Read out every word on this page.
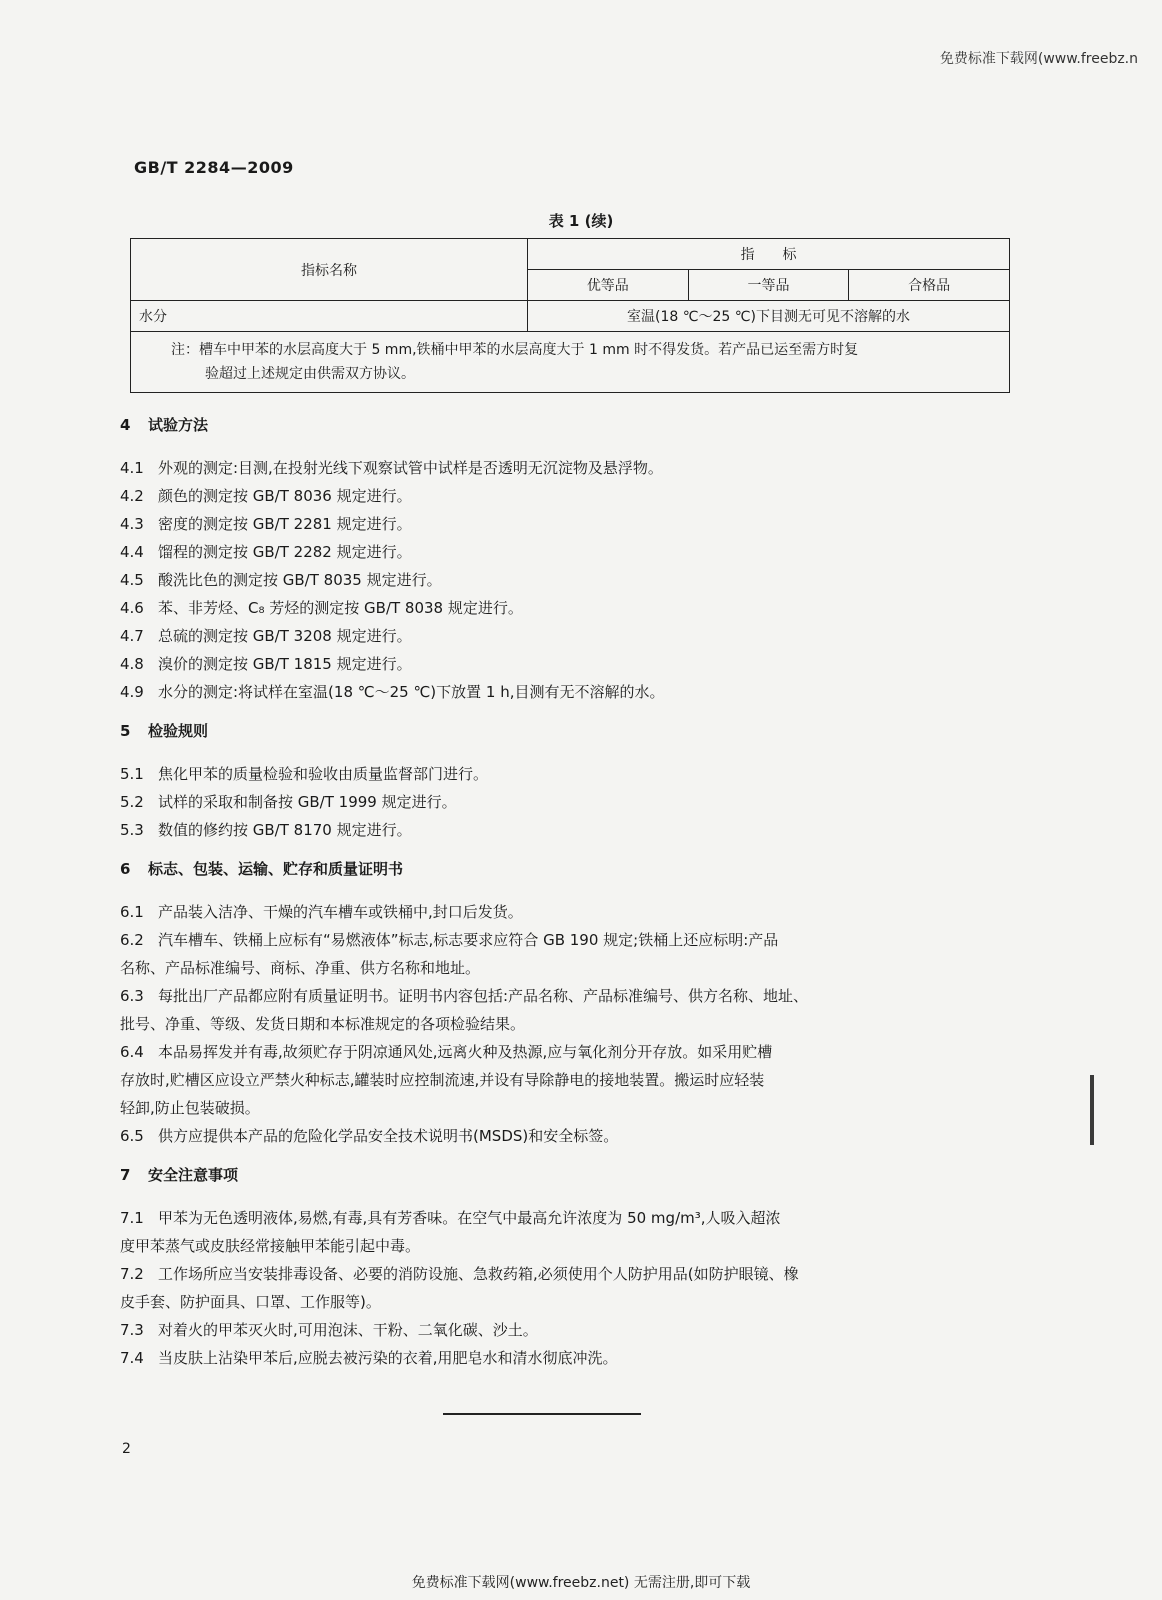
免费标准下载网(www.freebz.n
GB/T 2284—2009
表 1 (续)
指标名称	指　　标		
	优等品	一等品	合格品
水分	室温(18 ℃～25 ℃)下目测无可见不溶解的水		
注：槽车中甲苯的水层高度大于 5 mm,铁桶中甲苯的水层高度大于 1 mm 时不得发货。若产品已运至需方时复
验超过上述规定由供需双方协议。			
4 试验方法

4.1 外观的测定:目测,在投射光线下观察试管中试样是否透明无沉淀物及悬浮物。

4.2 颜色的测定按 GB/T 8036 规定进行。

4.3 密度的测定按 GB/T 2281 规定进行。

4.4 馏程的测定按 GB/T 2282 规定进行。

4.5 酸洗比色的测定按 GB/T 8035 规定进行。

4.6 苯、非芳烃、C₈ 芳烃的测定按 GB/T 8038 规定进行。

4.7 总硫的测定按 GB/T 3208 规定进行。

4.8 溴价的测定按 GB/T 1815 规定进行。

4.9 水分的测定:将试样在室温(18 ℃～25 ℃)下放置 1 h,目测有无不溶解的水。

5 检验规则

5.1 焦化甲苯的质量检验和验收由质量监督部门进行。

5.2 试样的采取和制备按 GB/T 1999 规定进行。

5.3 数值的修约按 GB/T 8170 规定进行。

6 标志、包装、运输、贮存和质量证明书

6.1 产品装入洁净、干燥的汽车槽车或铁桶中,封口后发货。

6.2 汽车槽车、铁桶上应标有“易燃液体”标志,标志要求应符合 GB 190 规定;铁桶上还应标明:产品

名称、产品标准编号、商标、净重、供方名称和地址。

6.3 每批出厂产品都应附有质量证明书。证明书内容包括:产品名称、产品标准编号、供方名称、地址、

批号、净重、等级、发货日期和本标准规定的各项检验结果。

6.4 本品易挥发并有毒,故须贮存于阴凉通风处,远离火种及热源,应与氧化剂分开存放。如采用贮槽

存放时,贮槽区应设立严禁火种标志,罐装时应控制流速,并设有导除静电的接地装置。搬运时应轻装

轻卸,防止包装破损。

6.5 供方应提供本产品的危险化学品安全技术说明书(MSDS)和安全标签。

7 安全注意事项

7.1 甲苯为无色透明液体,易燃,有毒,具有芳香味。在空气中最高允许浓度为 50 mg/m³,人吸入超浓

度甲苯蒸气或皮肤经常接触甲苯能引起中毒。

7.2 工作场所应当安装排毒设备、必要的消防设施、急救药箱,必须使用个人防护用品(如防护眼镜、橡

皮手套、防护面具、口罩、工作服等)。

7.3 对着火的甲苯灭火时,可用泡沫、干粉、二氧化碳、沙土。

7.4 当皮肤上沾染甲苯后,应脱去被污染的衣着,用肥皂水和清水彻底冲洗。

2
免费标准下载网(www.freebz.net) 无需注册,即可下载
